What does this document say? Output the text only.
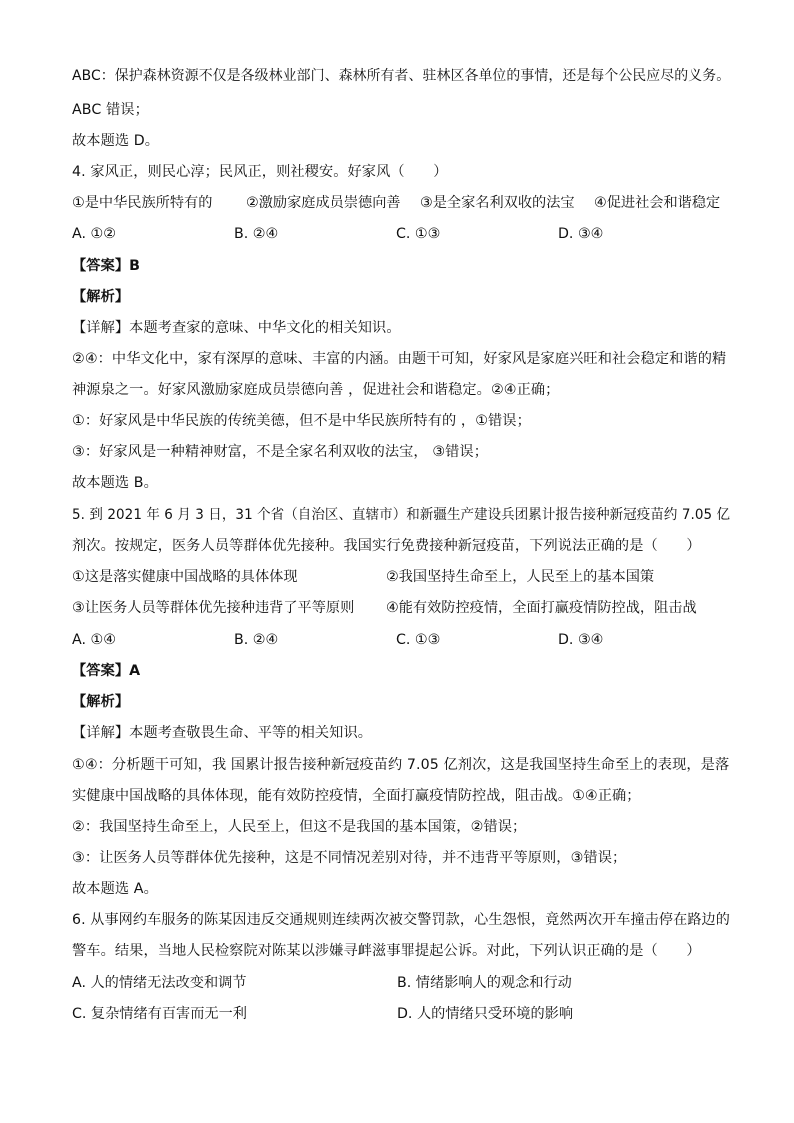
ABC：保护森林资源不仅是各级林业部门、森林所有者、驻林区各单位的事情，还是每个公民应尽的义务。

ABC 错误；

故本题选 D。

4. 家风正，则民心淳；民风正，则社稷安。好家风（　　）

①是中华民族所特有的 ②激励家庭成员崇德向善 ③是全家名利双收的法宝 ④促进社会和谐稳定

A. ①②	B. ②④	C. ①③	D. ③④

【答案】B

【解析】

【详解】本题考查家的意味、中华文化的相关知识。

②④：中华文化中，家有深厚的意味、丰富的内涵。由题干可知，好家风是家庭兴旺和社会稳定和谐的精

神源泉之一。好家风激励家庭成员崇德向善 ，促进社会和谐稳定。②④正确；

①：好家风是中华民族的传统美德，但不是中华民族所特有的 ，①错误；

③：好家风是一种精神财富，不是全家名利双收的法宝， ③错误；

故本题选 B。

5. 到 2021 年 6 月 3 日，31 个省（自治区、直辖市）和新疆生产建设兵团累计报告接种新冠疫苗约 7.05 亿

剂次。按规定，医务人员等群体优先接种。我国实行免费接种新冠疫苗，下列说法正确的是（　　）

①这是落实健康中国战略的具体体现	②我国坚持生命至上，人民至上的基本国策

③让医务人员等群体优先接种违背了平等原则 ④能有效防控疫情，全面打赢疫情防控战，阻击战

A. ①④	B. ②④	C. ①③	D. ③④

【答案】A

【解析】

【详解】本题考查敬畏生命、平等的相关知识。

①④：分析题干可知，我 国累计报告接种新冠疫苗约 7.05 亿剂次，这是我国坚持生命至上的表现，是落

实健康中国战略的具体体现，能有效防控疫情，全面打赢疫情防控战，阻击战。①④正确；

②：我国坚持生命至上，人民至上，但这不是我国的基本国策，②错误；

③：让医务人员等群体优先接种，这是不同情况差别对待，并不违背平等原则，③错误；

故本题选 A。

6. 从事网约车服务的陈某因违反交通规则连续两次被交警罚款，心生怨恨，竟然两次开车撞击停在路边的

警车。结果，当地人民检察院对陈某以涉嫌寻衅滋事罪提起公诉。对此，下列认识正确的是（　　）

A. 人的情绪无法改变和调节	B. 情绪影响人的观念和行动

C. 复杂情绪有百害而无一利	D. 人的情绪只受环境的影响
